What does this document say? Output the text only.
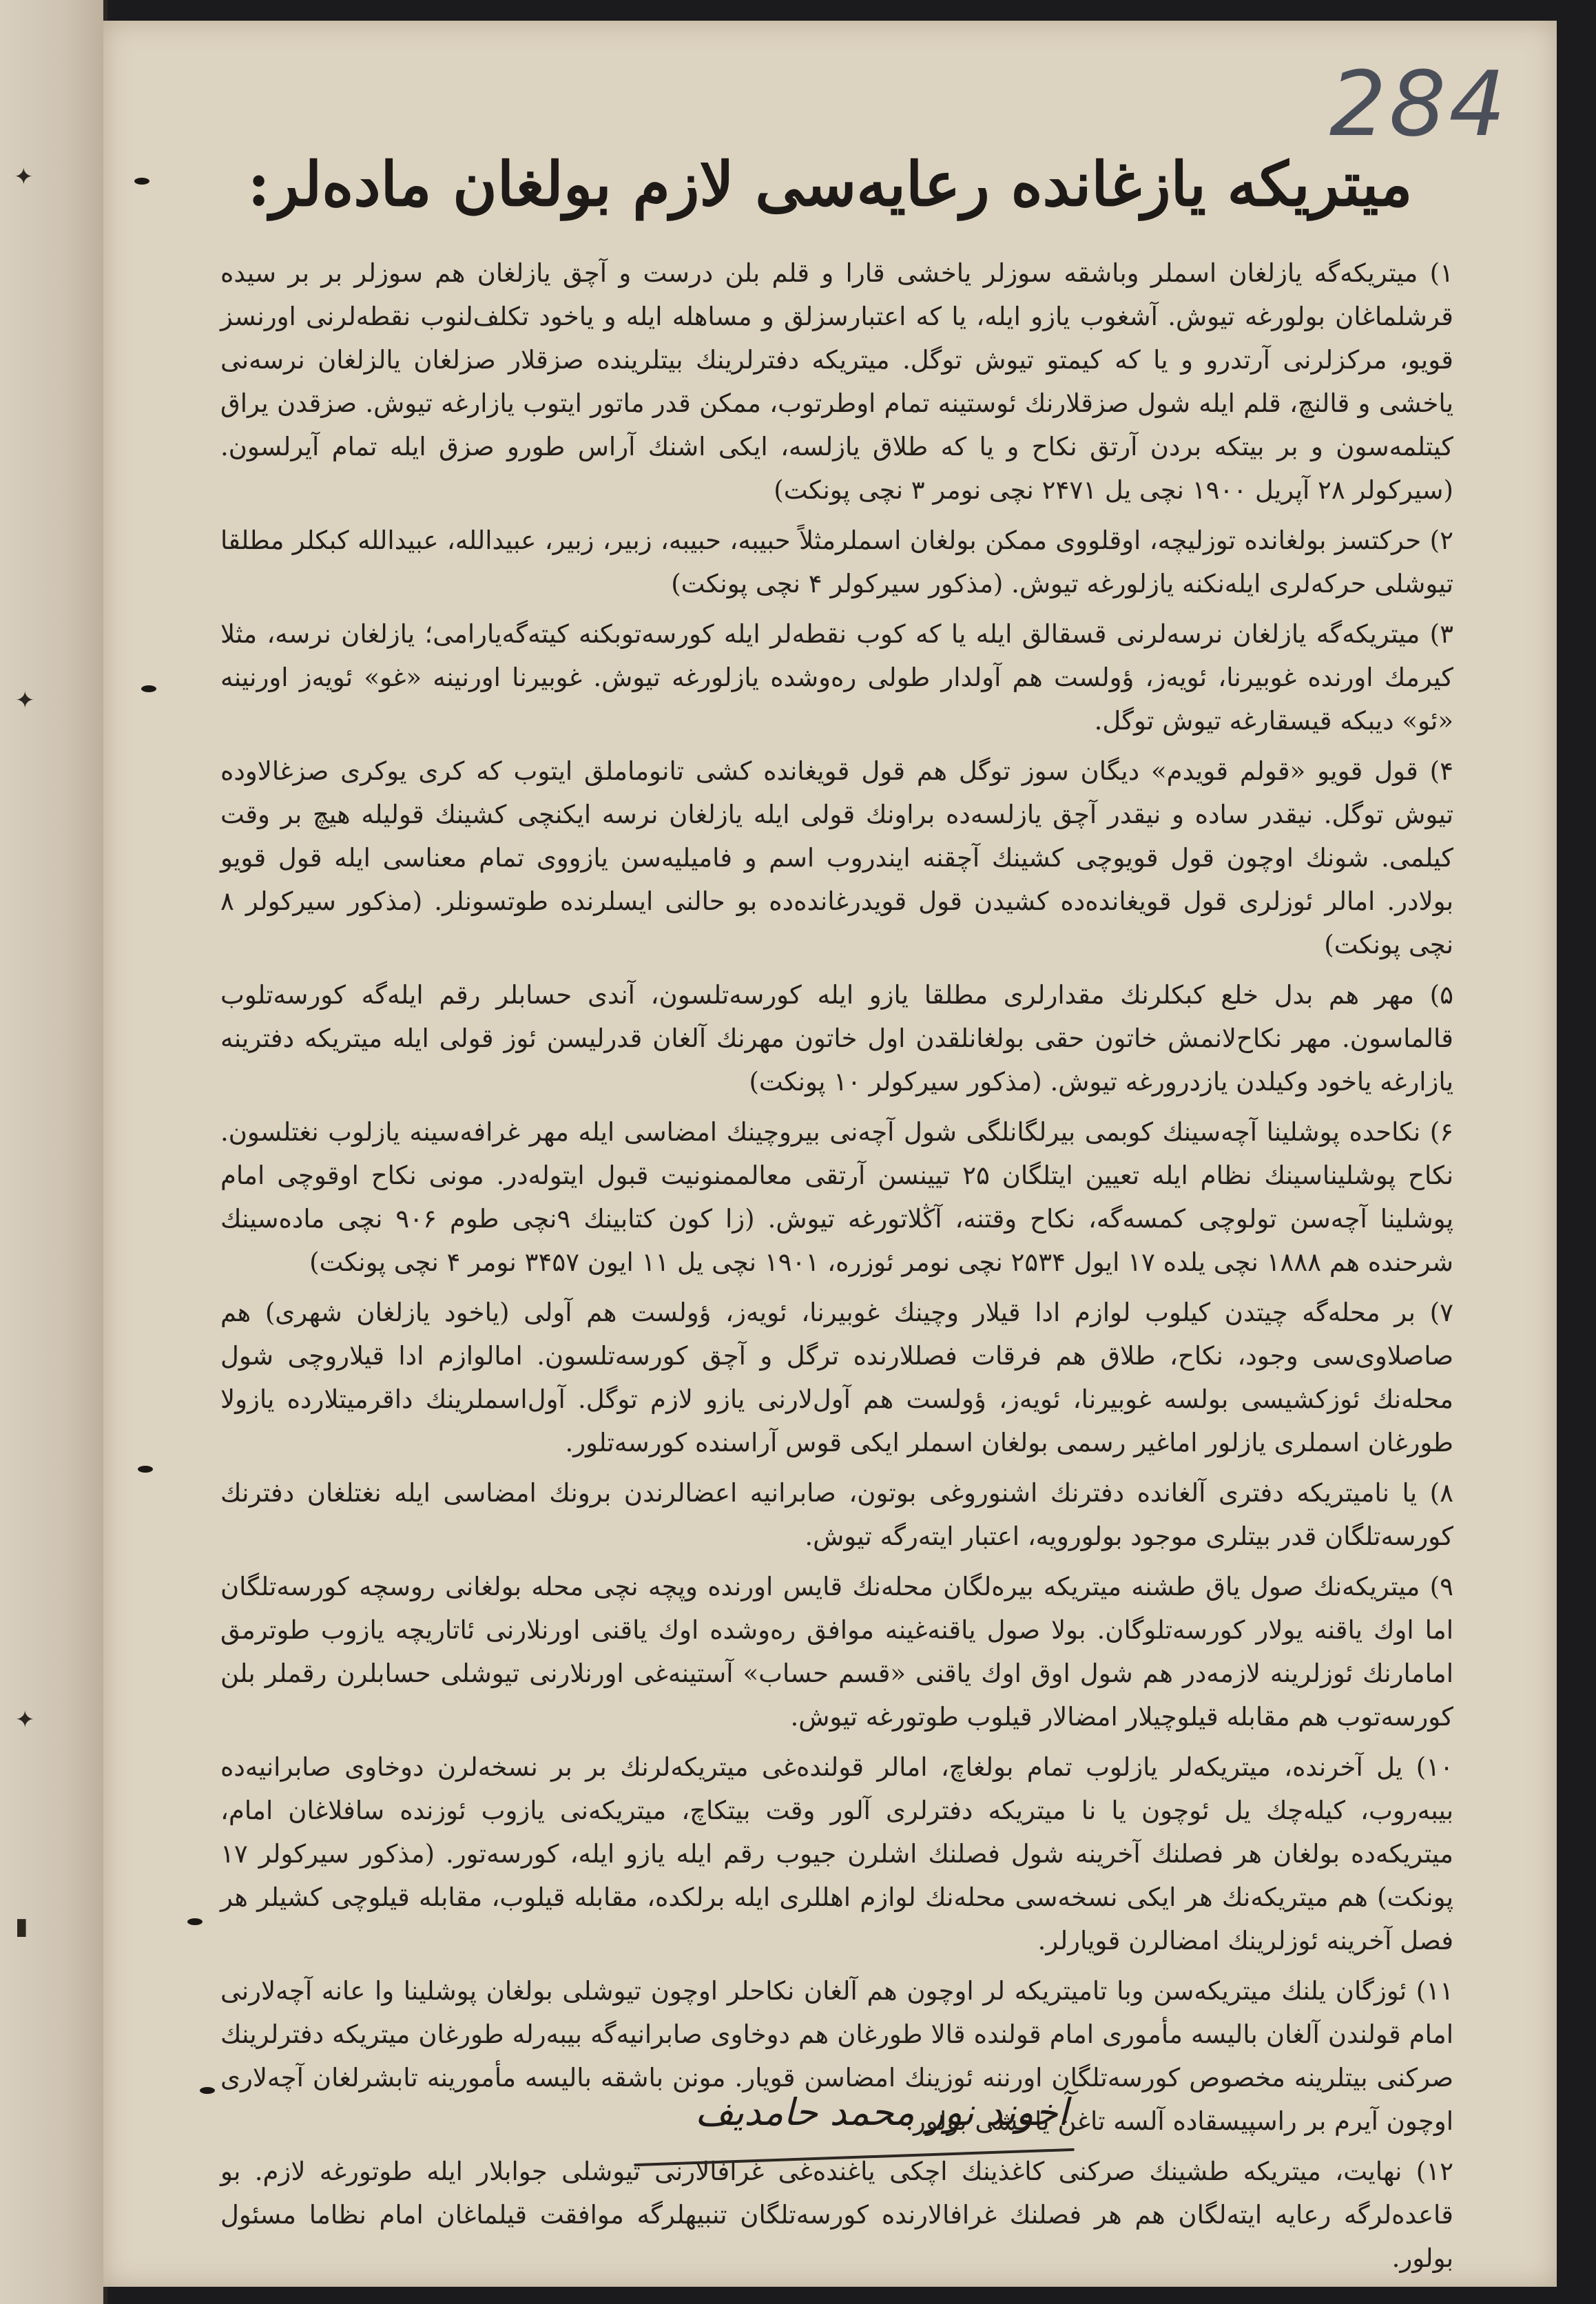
✦
✦
✦
▮
284
میتریکه یازغانده رعایه‌سی لازم بولغان ماده‌لر:

۱) میتریکه‌گه یازلغان اسملر وباشقه سوزلر یاخشی قارا و قلم بلن درست و آچق یازلغان هم سوزلر بر بر سیده قرشلماغان بولورغه تیوش. آشغوب یازو ایله، یا که اعتبارسزلق و مساهله ایله و یاخود تکلف‌لنوب نقطه‌لرنی اورنسز قویو، مرکزلرنی آرتدرو و یا که کیمتو تیوش توگل. میتریکه دفترلرینك بیتلرینده صزقلار صزلغان یالزلغان نرسه‌نی یاخشی و قالنچ، قلم ایله شول صزقلارنك ئوستینه تمام اوطرتوب، ممکن قدر ماتور ایتوب یازارغه تیوش. صزقدن یراق کیتلمه‌سون و بر بیتکه بردن آرتق نکاح و یا که طلاق یازلسه، ایکی اشنك آراس طورو صزق ایله تمام آیرلسون. (سیرکولر ۲۸ آپریل ۱۹۰۰ نچی یل ۲۴۷۱ نچی نومر ۳ نچی پونکت)

۲) حرکتسز بولغانده توزلیچه، اوقلووی ممکن بولغان اسملرمثلاً حبیبه، حبیبه، زبیر، زبیر، عبیدالله، عبیدالله کبکلر مطلقا تیوشلی حرکه‌لری ایله‌نکنه یازلورغه تیوش. (مذکور سیرکولر ۴ نچی پونکت)

۳) میتریکه‌گه یازلغان نرسه‌لرنی قسقالق ایله یا که کوب نقطه‌لر ایله کورسه‌توبکنه کیته‌گه‌یارامی؛ یازلغان نرسه، مثلا کیرمك اورنده غوبیرنا، ئویەز، ؤولست هم آولدار طولی رەوشدە یازلورغە تیوش. غوبیرنا اورنینە «غو» ئویەز اورنینە «ئو» دیبکە قیسقارغە تیوش توگل.

۴) قول قویو «قولم قویدم» دیگان سوز توگل هم قول قویغانده کشی تانوماملق ایتوب که کری یوکری صزغالاوده تیوش توگل. نیقدر ساده و نیقدر آچق یازلسه‌ده براونك قولی ایله یازلغان نرسه ایکنچی کشینك قولیله هیچ بر وقت کیلمی. شونك اوچون قول قویوچی کشینك آچقنه ایندروب اسم و فامیلیه‌سن یازووی تمام معناسی ایله قول قویو بولادر. امالر ئوزلری قول قویغانده‌ده کشیدن قول قویدرغانده‌ده بو حالنی ایسلرنده طوتسونلر. (مذکور سیرکولر ۸ نچی پونکت)

۵) مهر هم بدل خلع کبکلرنك مقدارلری مطلقا یازو ایله کورسه‌تلسون، آندی حسابلر رقم ایله‌گه کورسه‌تلوب قالماسون. مهر نکاح‌لانمش خاتون حقی بولغانلقدن اول خاتون مهرنك آلغان قدرلیسن ئوز قولی ایله میتریکه دفترینه یازارغه یاخود وکیلدن یازدرورغه تیوش. (مذکور سیرکولر ۱۰ پونکت)

۶) نکاحده پوشلینا آچه‌سینك کوبمی بیرلگانلگی شول آچه‌نی بیروچینك امضاسی ایله مهر غرافه‌سینه یازلوب نغتلسون. نکاح پوشلیناسینك نظام ایله تعیین ایتلگان ۲۵ تیینسن آرتقی معالممنونیت قبول ایتوله‌در. مونی نکاح اوقوچی امام پوشلینا آچه‌سن تولوچی کمسه‌گه، نکاح وقتنه، آڭلاتورغه تیوش. (زا کون کتابینك ۹نچی طوم ۹۰۶ نچی ماده‌سینك شرحنده هم ۱۸۸۸ نچی یلده ۱۷ ایول ۲۵۳۴ نچی نومر ئوزره، ۱۹۰۱ نچی یل ۱۱ ایون ۳۴۵۷ نومر ۴ نچی پونکت)

۷) بر محله‌گه چیتدن کیلوب لوازم ادا قیلار وچینك غوبیرنا، ئویەز، ؤولست هم آولی (یاخود یازلغان شهری) هم صاصلاوی‌سی وجود، نکاح، طلاق هم فرقات فصللارنده ترگل و آچق کورسه‌تلسون. امالوازم ادا قیلاروچی شول محله‌نك ئوزکشیسی بولسه غوبیرنا، ئویەز، ؤولست هم آول‌لارنی یازو لازم توگل. آول‌اسملرینك داقرمیتلارده یازولا طورغان اسملری یازلور اماغیر رسمی بولغان اسملر ایکی قوس آراسنده کورسه‌تلور.

۸) یا نامیتریکه دفتری آلغانده دفترنك اشنوروغی بوتون، صابرانیه اعضالرندن برونك امضاسی ایله نغتلغان دفترنك کورسه‌تلگان قدر بیتلری موجود بولورویه، اعتبار ایته‌رگه تیوش.

۹) میتریکه‌نك صول یاق طشنه میتریکه بیره‌لگان محله‌نك قایس اورنده وپچه نچی محله بولغانی روسچه کورسه‌تلگان اما اوك یاقنه یولار کورسه‌تلوگان. بولا صول یاقنه‌غینه موافق رەوشدە اوك یاقنی اورنلارنی ئاتاریچه یازوب طوترمق امامارنك ئوزلرینه لازمه‌در هم شول اوق اوك یاقنی «قسم حساب» آستینه‌غی اورنلارنی تیوشلی حسابلرن رقملر بلن کورسه‌توب هم مقابله قیلوچیلار امضالار قیلوب طوتورغه تیوش.

۱۰) یل آخرنده، میتریکه‌لر یازلوب تمام بولغاچ، امالر قولنده‌غی میتریکه‌لرنك بر بر نسخه‌لرن دوخاوی صابرانیه‌ده بیبه‌روب، کیله‌چك یل ئوچون یا نا میتریکه دفترلری آلور وقت بیتکاچ، میتریکه‌نی یازوب ئوزنده سافلاغان امام، میتریکه‌ده بولغان هر فصلنك آخرینه شول فصلنك اشلرن جیوب رقم ایله یازو ایله، کورسه‌تور. (مذکور سیرکولر ۱۷ پونکت) هم میتریکه‌نك هر ایکی نسخه‌سی محله‌نك لوازم اهللری ایله برلکده، مقابله قیلوب، مقابله قیلوچی کشیلر هر فصل آخرینه ئوزلرینك امضالرن قویارلر.

۱۱) ئوزگان یلنك میتریکه‌سن وبا تامیتریکه لر اوچون هم آلغان نکاحلر اوچون تیوشلی بولغان پوشلینا وا عانه آچه‌لارنی امام قولندن آلغان بالیسه مأموری امام قولنده قالا طورغان هم دوخاوی صابرانیه‌گه بیبه‌رله طورغان میتریکه دفترلرینك صرکنی بیتلرینه مخصوص کورسه‌تلگان اورننه ئوزینك امضاسن قویار. مونن باشقه بالیسه مأمورینه تابشرلغان آچه‌لاری اوچون آیرم بر راسپیسقاده آلسه تاغن یاخشی بولور.

۱۲) نهایت، میتریکه طشینك صرکنی کاغذینك اچکی یاغنده‌غی غرافالارنی تیوشلی جوابلار ایله طوتورغه لازم. بو قاعده‌لرگه رعایه ایته‌لگان هم هر فصلنك غرافالارنده کورسه‌تلگان تنبیهلرگه موافقت قیلماغان امام نظاما مسئول بولور.

آخوند نور محمد حامدیف
